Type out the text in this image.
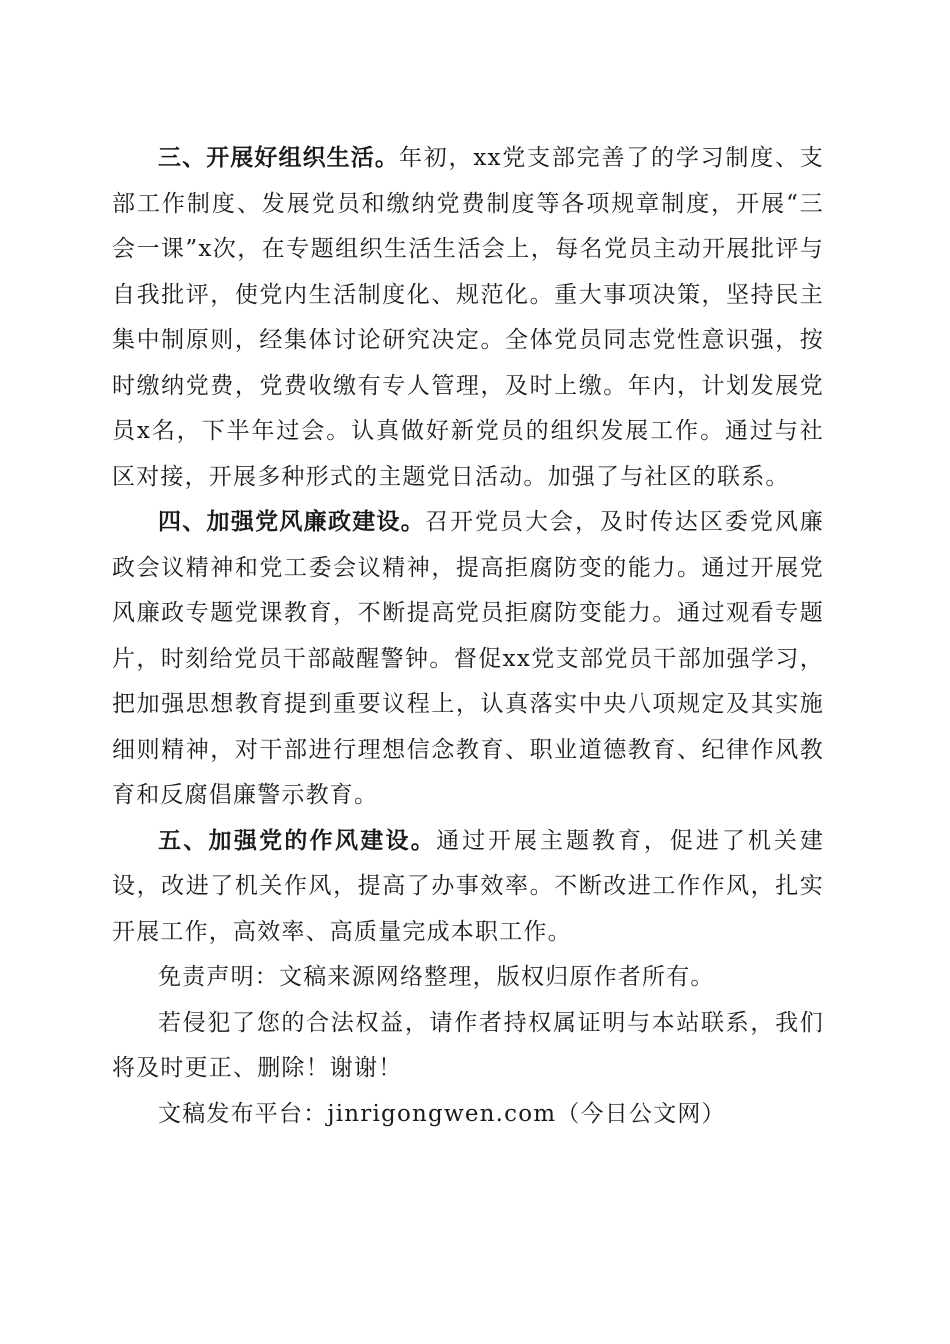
三、开展好组织生活。年初，xx党支部完善了的学习制度、支部工作制度、发展党员和缴纳党费制度等各项规章制度，开展“三会一课”x次，在专题组织生活生活会上，每名党员主动开展批评与自我批评，使党内生活制度化、规范化。重大事项决策，坚持民主集中制原则，经集体讨论研究决定。全体党员同志党性意识强，按时缴纳党费，党费收缴有专人管理，及时上缴。年内，计划发展党员x名，下半年过会。认真做好新党员的组织发展工作。通过与社区对接，开展多种形式的主题党日活动。加强了与社区的联系。

四、加强党风廉政建设。召开党员大会，及时传达区委党风廉政会议精神和党工委会议精神，提高拒腐防变的能力。通过开展党风廉政专题党课教育，不断提高党员拒腐防变能力。通过观看专题片，时刻给党员干部敲醒警钟。督促xx党支部党员干部加强学习，把加强思想教育提到重要议程上，认真落实中央八项规定及其实施细则精神，对干部进行理想信念教育、职业道德教育、纪律作风教育和反腐倡廉警示教育。

五、加强党的作风建设。通过开展主题教育，促进了机关建设，改进了机关作风，提高了办事效率。不断改进工作作风，扎实开展工作，高效率、高质量完成本职工作。

免责声明：文稿来源网络整理，版权归原作者所有。

若侵犯了您的合法权益，请作者持权属证明与本站联系，我们将及时更正、删除！谢谢！

文稿发布平台：jinrigongwen.com（今日公文网）
